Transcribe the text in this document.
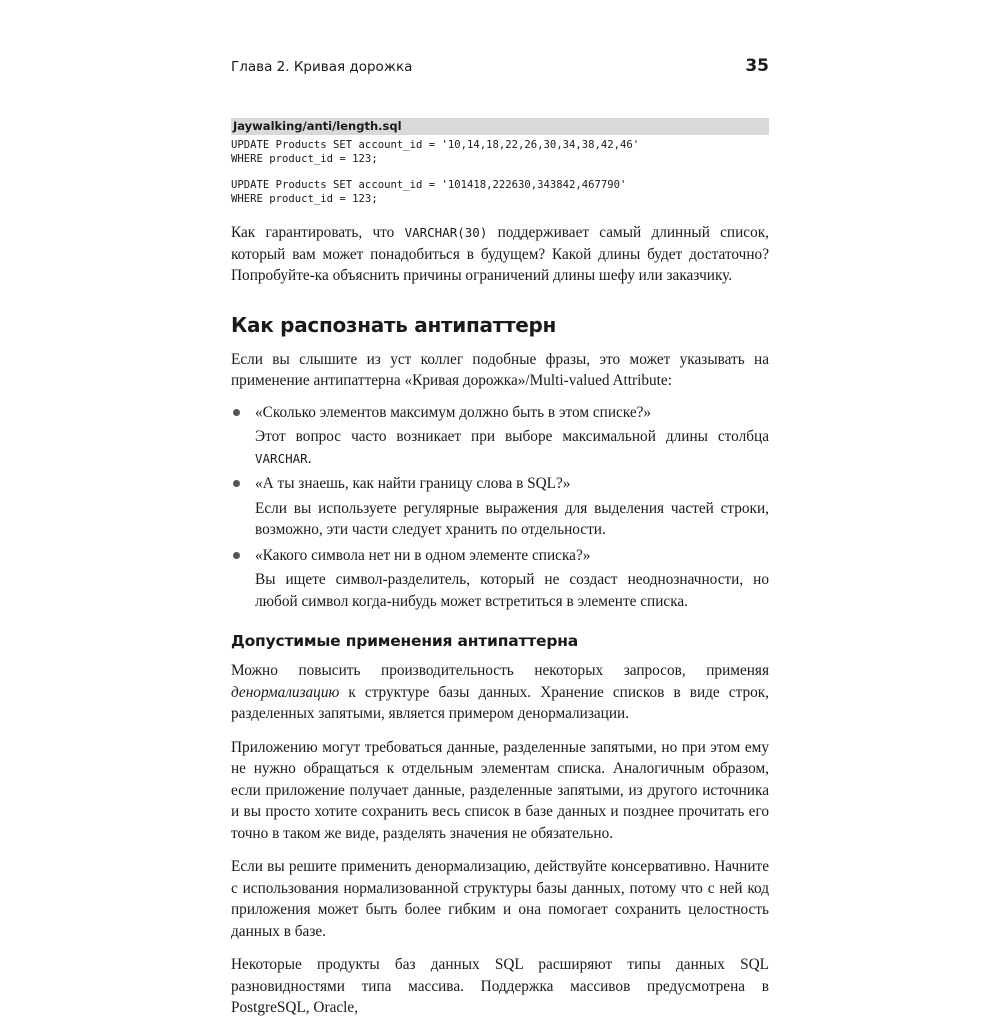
Глава 2. Кривая дорожка	35
Jaywalking/anti/length.sql
UPDATE Products SET account_id = '10,14,18,22,26,30,34,38,42,46'
WHERE product_id = 123;
UPDATE Products SET account_id = '101418,222630,343842,467790'
WHERE product_id = 123;

Как гарантировать, что VARCHAR(30) поддерживает самый длинный список, который вам может понадобиться в будущем? Какой длины будет достаточно? Попробуйте-ка объяснить причины ограничений длины шефу или заказчику.

Как распознать антипаттерн

Если вы слышите из уст коллег подобные фразы, это может указывать на применение антипаттерна «Кривая дорожка»/Multi-valued Attribute:

«Сколько элементов максимум должно быть в этом списке?»
Этот вопрос часто возникает при выборе максимальной длины столбца VARCHAR.
«А ты знаешь, как найти границу слова в SQL?»
Если вы используете регулярные выражения для выделения частей строки, возможно, эти части следует хранить по отдельности.
«Какого символа нет ни в одном элементе списка?»
Вы ищете символ-разделитель, который не создаст неоднозначности, но любой символ когда-нибудь может встретиться в элементе списка.
Допустимые применения антипаттерна

Можно повысить производительность некоторых запросов, применяя денормализацию к структуре базы данных. Хранение списков в виде строк, разделенных запятыми, является примером денормализации.

Приложению могут требоваться данные, разделенные запятыми, но при этом ему не нужно обращаться к отдельным элементам списка. Аналогичным образом, если приложение получает данные, разделенные запятыми, из другого источника и вы просто хотите сохранить весь список в базе данных и позднее прочитать его точно в таком же виде, разделять значения не обязательно.

Если вы решите применить денормализацию, действуйте консервативно. Начните с использования нормализованной структуры базы данных, потому что с ней код приложения может быть более гибким и она помогает сохранить целостность данных в базе.

Некоторые продукты баз данных SQL расширяют типы данных SQL разновидностями типа массива. Поддержка массивов предусмотрена в PostgreSQL, Oracle,
